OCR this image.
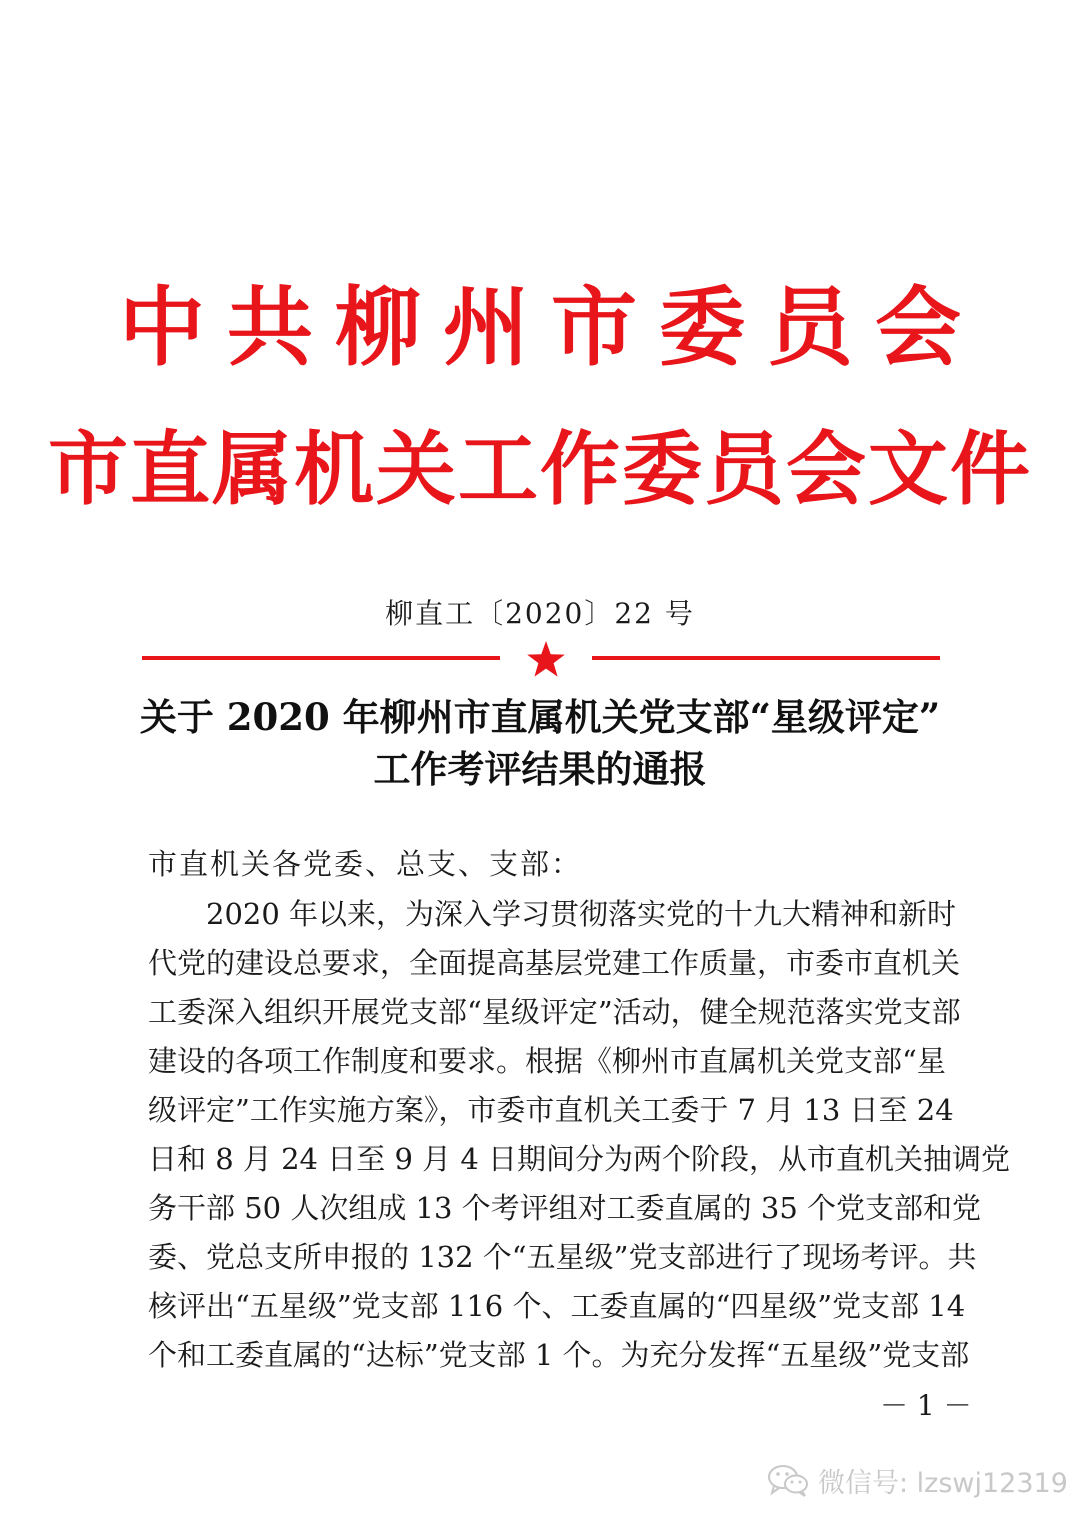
中共柳州市委员会
市直属机关工作委员会文件
柳直工〔2020〕22 号
关于 2020 年柳州市直属机关党支部“星级评定”
工作考评结果的通报
市直机关各党委、总支、支部：
2020 年以来，为深入学习贯彻落实党的十九大精神和新时
代党的建设总要求，全面提高基层党建工作质量，市委市直机关
工委深入组织开展党支部“星级评定”活动，健全规范落实党支部
建设的各项工作制度和要求。根据《柳州市直属机关党支部“星
级评定”工作实施方案》，市委市直机关工委于 7 月 13 日至 24
日和 8 月 24 日至 9 月 4 日期间分为两个阶段，从市直机关抽调党
务干部 50 人次组成 13 个考评组对工委直属的 35 个党支部和党
委、党总支所申报的 132 个“五星级”党支部进行了现场考评。共
核评出“五星级”党支部 116 个、工委直属的“四星级”党支部 14
个和工委直属的“达标”党支部 1 个。为充分发挥“五星级”党支部
－ 1 －
微信号: lzswj12319
